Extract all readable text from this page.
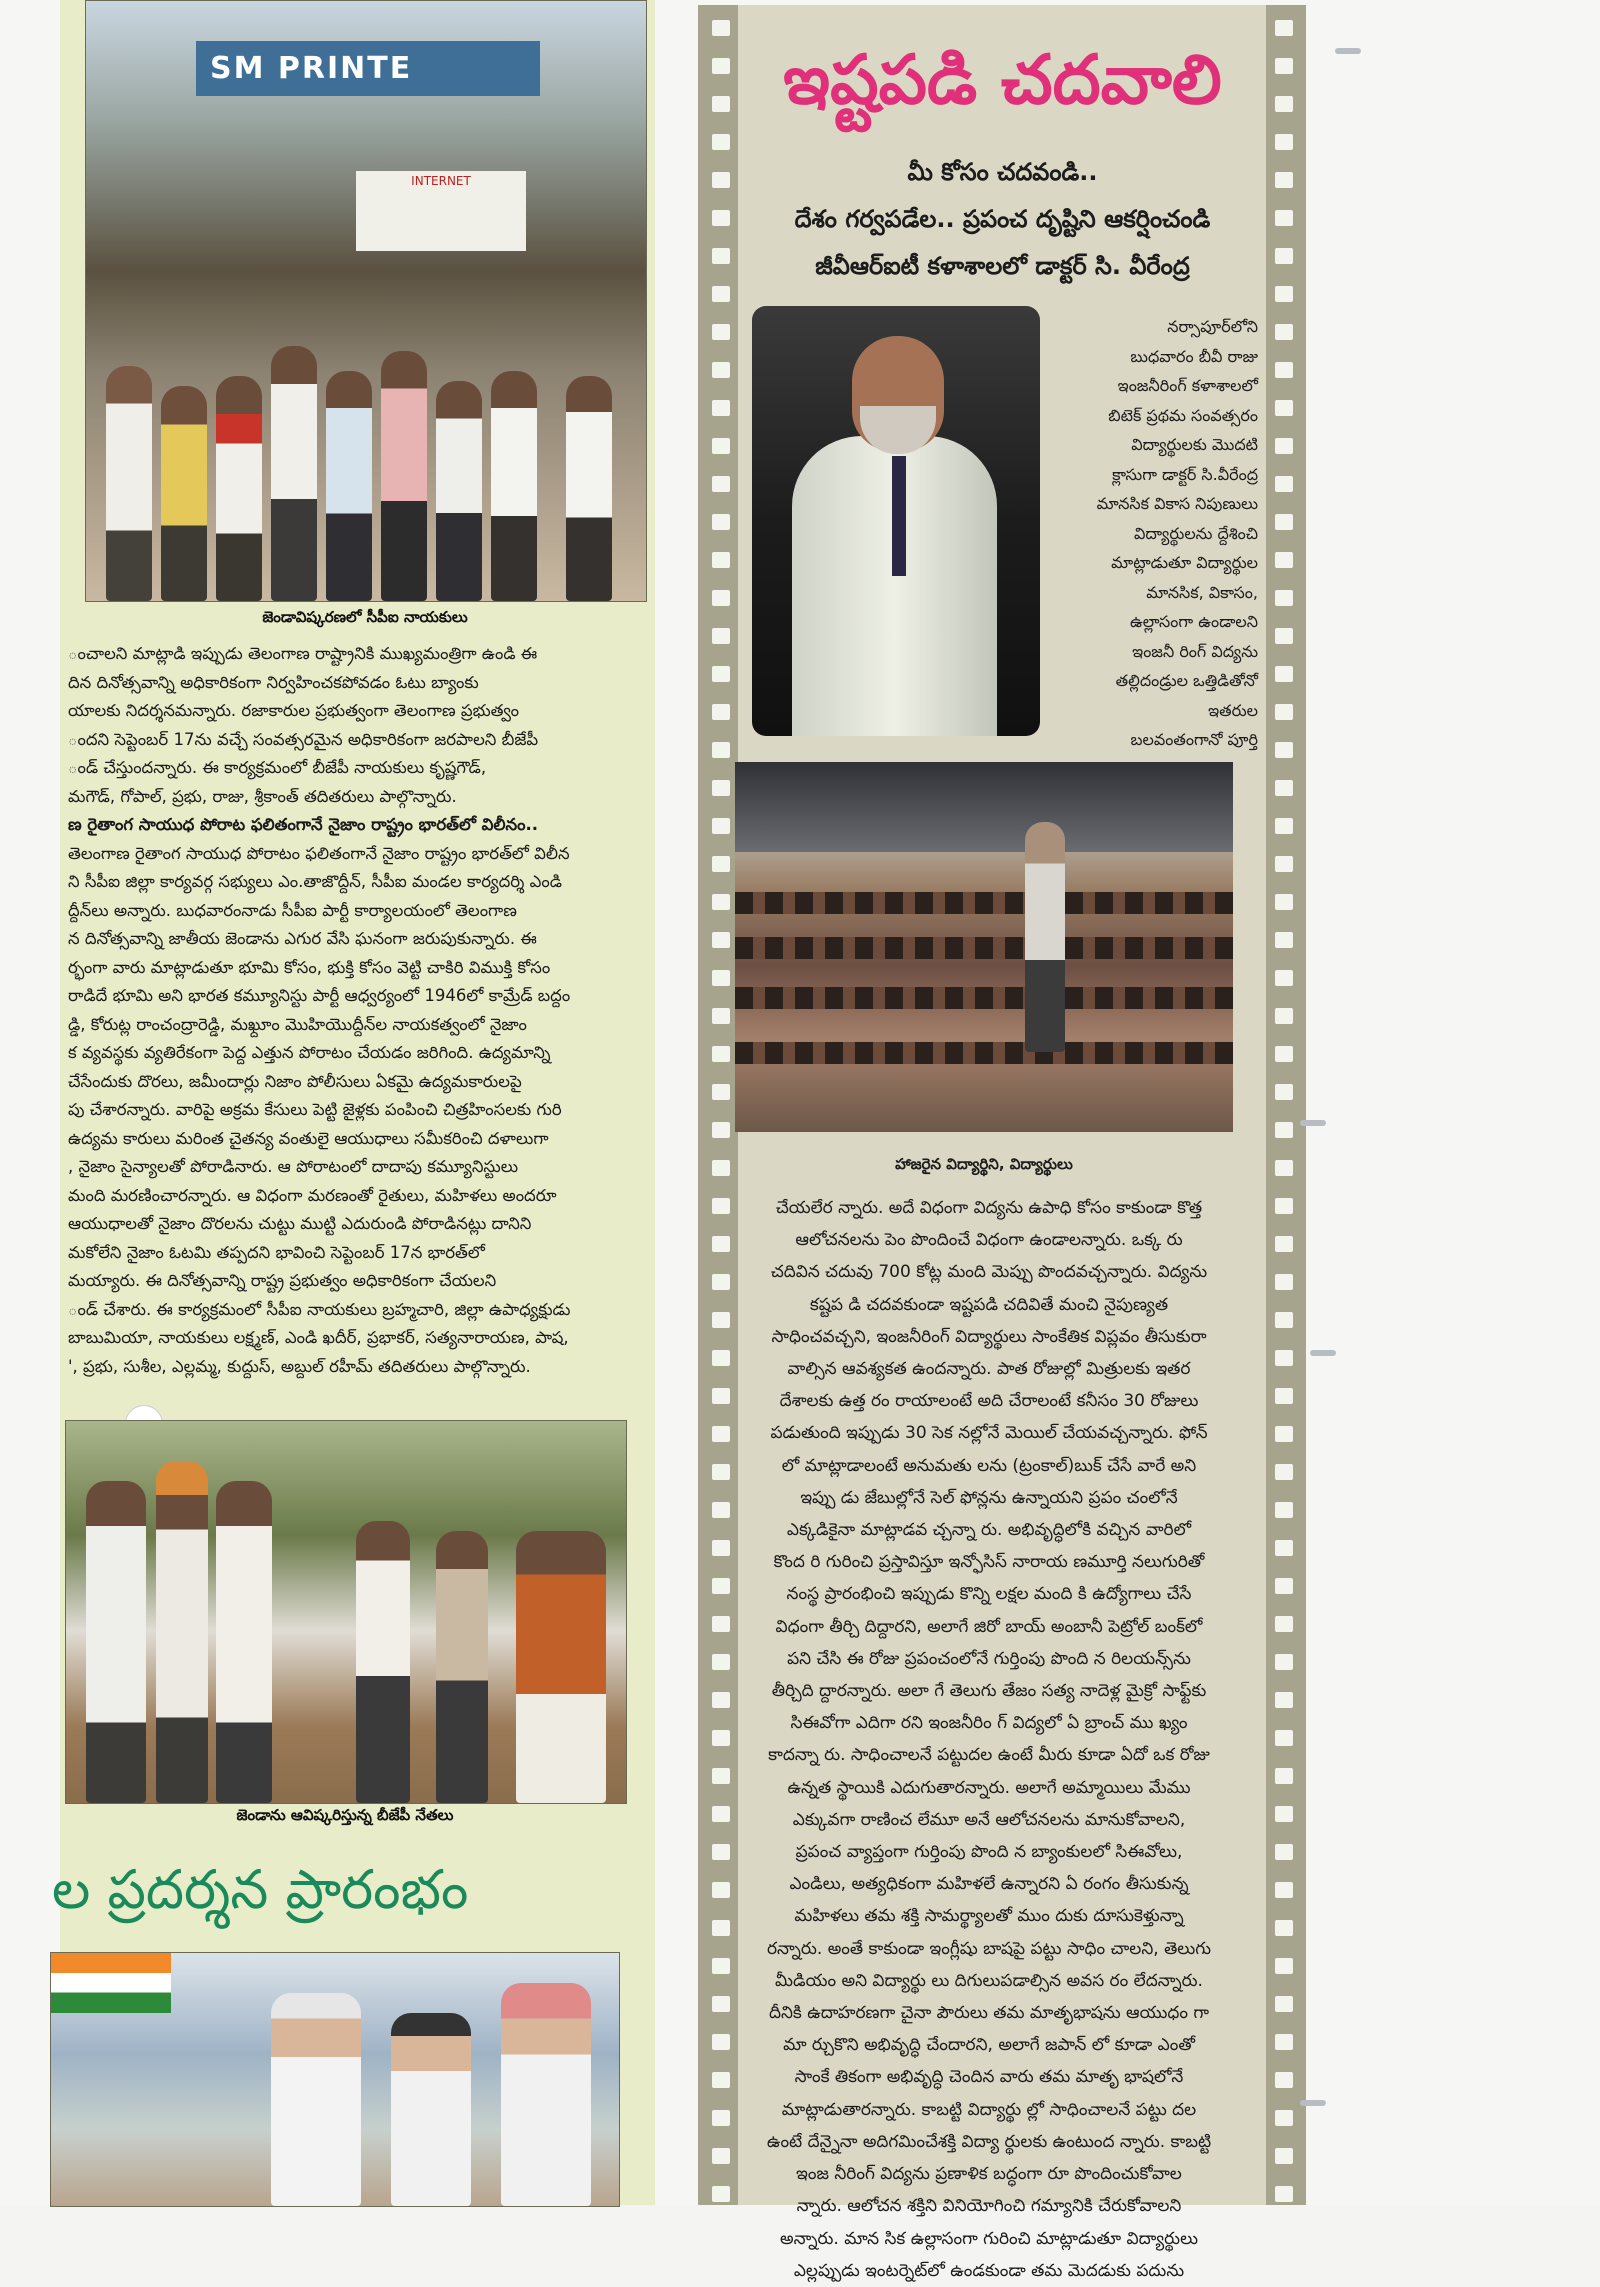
SM PRINTE
INTERNET
జెండావిష్కరణలో సీపీఐ నాయకులు

ంచాలని మాట్లాడి ఇప్పుడు తెలంగాణ రాష్ట్రానికి ముఖ్యమంత్రిగా ఉండి ఈ

దిన దినోత్సవాన్ని అధికారికంగా నిర్వహించకపోవడం ఓటు బ్యాంకు

యాలకు నిదర్శనమన్నారు. రజాకారుల ప్రభుత్వంగా తెలంగాణ ప్రభుత్వం

ందని సెప్టెంబర్ 17ను వచ్చే సంవత్సరమైన అధికారికంగా జరపాలని బీజేపీ

ండ్ చేస్తుందన్నారు. ఈ కార్యక్రమంలో బీజేపీ నాయకులు కృష్ణగౌడ్,

మగౌడ్, గోపాల్, ప్రభు, రాజు, శ్రీకాంత్ తదితరులు పాల్గొన్నారు.

ణ రైతాంగ సాయుధ పోరాట ఫలితంగానే నైజాం రాష్ట్రం భారత్‌లో విలీనం..

తెలంగాణ రైతాంగ సాయుధ పోరాటం ఫలితంగానే నైజాం రాష్ట్రం భారత్‌లో విలీన

ని సీపీఐ జిల్లా కార్యవర్గ సభ్యులు ఎం.తాజొద్దీన్, సీపీఐ మండల కార్యదర్శి ఎండి

ద్దీన్‌లు అన్నారు. బుధవారంనాడు సీపీఐ పార్టీ కార్యాలయంలో తెలంగాణ

న దినోత్సవాన్ని జాతీయ జెండాను ఎగుర వేసి ఘనంగా జరుపుకున్నారు. ఈ

ర్భంగా వారు మాట్లాడుతూ భూమి కోసం, భుక్తి కోసం వెట్టి చాకిరి విముక్తి కోసం

రాడిదే భూమి అని భారత కమ్యూనిస్టు పార్టీ ఆధ్వర్యంలో 1946లో కామ్రేడ్ బద్దం

డ్డి, కోరుట్ల రాంచంద్రారెడ్డి, మఖ్దూం మొహియొద్దీన్‌ల నాయకత్వంలో నైజాం

క వ్యవస్థకు వ్యతిరేకంగా పెద్ద ఎత్తున పోరాటం చేయడం జరిగింది. ఉద్యమాన్ని

చేసేందుకు దొరలు, జమీందార్లు నిజాం పోలీసులు ఏకమై ఉద్యమకారులపై

పు చేశారన్నారు. వారిపై అక్రమ కేసులు పెట్టి జైళ్లకు పంపించి చిత్రహింసలకు గురి

ఉద్యమ కారులు మరింత చైతన్య వంతులై ఆయుధాలు సమీకరించి దళాలుగా

, నైజాం సైన్యాలతో పోరాడినారు. ఆ పోరాటంలో దాదాపు కమ్యూనిస్టులు

మంది మరణించారన్నారు. ఆ విధంగా మరణంతో రైతులు, మహిళలు అందరూ

ఆయుధాలతో నైజాం దొరలను చుట్టు ముట్టి ఎదురుండి పోరాడినట్లు దానిని

మకోలేని నైజాం ఓటమి తప్పదని భావించి సెప్టెంబర్ 17న భారత్‌లో

మయ్యారు. ఈ దినోత్సవాన్ని రాష్ట్ర ప్రభుత్వం అధికారికంగా చేయలని

ండ్ చేశారు. ఈ కార్యక్రమంలో సీపీఐ నాయకులు బ్రహ్మచారి, జిల్లా ఉపాధ్యక్షుడు

బాబుమియా, నాయకులు లక్ష్మణ్, ఎండి ఖదీర్, ప్రభాకర్, సత్యనారాయణ, పాష,

', ప్రభు, సుశీల, ఎల్లమ్మ, కుద్దుస్, అబ్దుల్ రహీమ్ తదితరులు పాల్గొన్నారు.

జెండాను ఆవిష్కరిస్తున్న బీజేపీ నేతలు
ల ప్రదర్శన ప్రారంభం
ఇష్టపడి చదవాలి
మీ కోసం చదవండి..
దేశం గర్వపడేల.. ప్రపంచ దృష్టిని ఆకర్షించండి
జీవీఆర్ఐటీ కళాశాలలో డాక్టర్ సి. వీరేంద్ర

నర్సాపూర్‌లోని

బుధవారం బీవీ రాజు

ఇంజనీరింగ్ కళాశాలలో

బిటెక్ ప్రథమ సంవత్సరం

విద్యార్థులకు మొదటి

క్లాసుగా డాక్టర్ సి.వీరేంద్ర

మానసిక వికాస నిపుణులు

విద్యార్థులను ద్దేశించి

మాట్లాడుతూ విద్యార్థుల

మానసిక, వికాసం,

ఉల్లాసంగా ఉండాలని

ఇంజనీ రింగ్ విద్యను

తల్లిదండ్రుల ఒత్తిడితోనో

ఇతరుల

బలవంతంగానో పూర్తి

హాజరైన విద్యార్థిని, విద్యార్థులు

చేయలేర న్నారు. అదే విధంగా విద్యను ఉపాధి కోసం కాకుండా కొత్త

ఆలోచనలను పెం పొందించే విధంగా ఉండాలన్నారు. ఒక్క రు

చదివిన చదువు 700 కోట్ల మంది మెప్పు పొందవచ్చన్నారు. విద్యను

కష్టప డి చదవకుండా ఇష్టపడి చదివితే మంచి నైపుణ్యత

సాధించవచ్చని, ఇంజనీరింగ్ విద్యార్థులు సాంకేతిక విప్లవం తీసుకురా

వాల్సిన ఆవశ్యకత ఉందన్నారు. పాత రోజుల్లో మిత్రులకు ఇతర

దేశాలకు ఉత్త రం రాయాలంటే అది చేరాలంటే కనీసం 30 రోజులు

పడుతుంది ఇప్పుడు 30 సెక నల్లోనే మెయిల్ చేయవచ్చన్నారు. ఫోన్

లో మాట్లాడాలంటే అనుమతు లను (ట్రంకాల్)బుక్ చేసే వారే అని

ఇప్పు డు జేబుల్లోనే సెల్ ఫోన్లను ఉన్నాయని ప్రపం చంలోనే

ఎక్కడికైనా మాట్లాడవ చ్చన్నా రు. అభివృద్ధిలోకి వచ్చిన వారిలో

కొంద రి గురించి ప్రస్తావిస్తూ ఇన్ఫోసిస్ నారాయ ణమూర్తి నలుగురితో

నంస్థ ప్రారంభించి ఇప్పుడు కొన్ని లక్షల మంది కి ఉద్యోగాలు చేసే

విధంగా తీర్చి దిద్దారని, అలాగే జిరో బాయ్ అంబానీ పెట్రోల్ బంక్‌లో

పని చేసి ఈ రోజు ప్రపంచంలోనే గుర్తింపు పొంది న రిలయన్స్‌ను

తీర్చిది ద్దారన్నారు. అలా గే తెలుగు తేజం సత్య నాదెళ్ల మైక్రో సాఫ్ట్‌కు

సిఈవోగా ఎదిగా రని ఇంజనీరిం గ్ విద్యలో ఏ బ్రాంచ్ ము ఖ్యం

కాదన్నా రు. సాధించాలనే పట్టుదల ఉంటే మీరు కూడా ఏదో ఒక రోజు

ఉన్నత స్థాయికి ఎదుగుతారన్నారు. అలాగే అమ్మాయిలు మేము

ఎక్కువగా రాణించ లేమూ అనే ఆలోచనలను మానుకోవాలని,

ప్రపంచ వ్యాప్తంగా గుర్తింపు పొంది న బ్యాంకులలో సిఈవోలు,

ఎండిలు, అత్యధికంగా మహిళలే ఉన్నారని ఏ రంగం తీసుకున్న

మహిళలు తమ శక్తి సామర్థ్యాలతో ముం దుకు దూసుకెళ్తున్నా

రన్నారు. అంతే కాకుండా ఇంగ్లీషు బాషపై పట్టు సాధిం చాలని, తెలుగు

మీడియం అని విద్యార్థు లు దిగులుపడాల్సిన అవస రం లేదన్నారు.

దీనికి ఉదాహరణగా చైనా పౌరులు తమ మాతృభాషను ఆయుధం గా

మా ర్చుకొని అభివృద్ధి చేందారని, అలాగే జపాన్ లో కూడా ఎంతో

సాంకే తికంగా అభివృద్ధి చెందిన వారు తమ మాతృ భాషలోనే

మాట్లాడుతారన్నారు. కాబట్టి విద్యార్థు ల్లో సాధించాలనే పట్టు దల

ఉంటే దేన్నైనా అదిగమించేశక్తి విద్యా ర్థులకు ఉంటుంద న్నారు. కాబట్టి

ఇంజ నీరింగ్ విద్యను ప్రణాళిక బద్ధంగా రూ పొందించుకోవాల

న్నారు. ఆలోచన శక్తిని వినియోగించి గమ్యానికి చేరుకోవాలని

అన్నారు. మాన సిక ఉల్లాసంగా గురించి మాట్లాడుతూ విద్యార్థులు

ఎల్లప్పుడు ఇంటర్నెట్‌లో ఉండకుండా తమ మెదడుకు పదును
